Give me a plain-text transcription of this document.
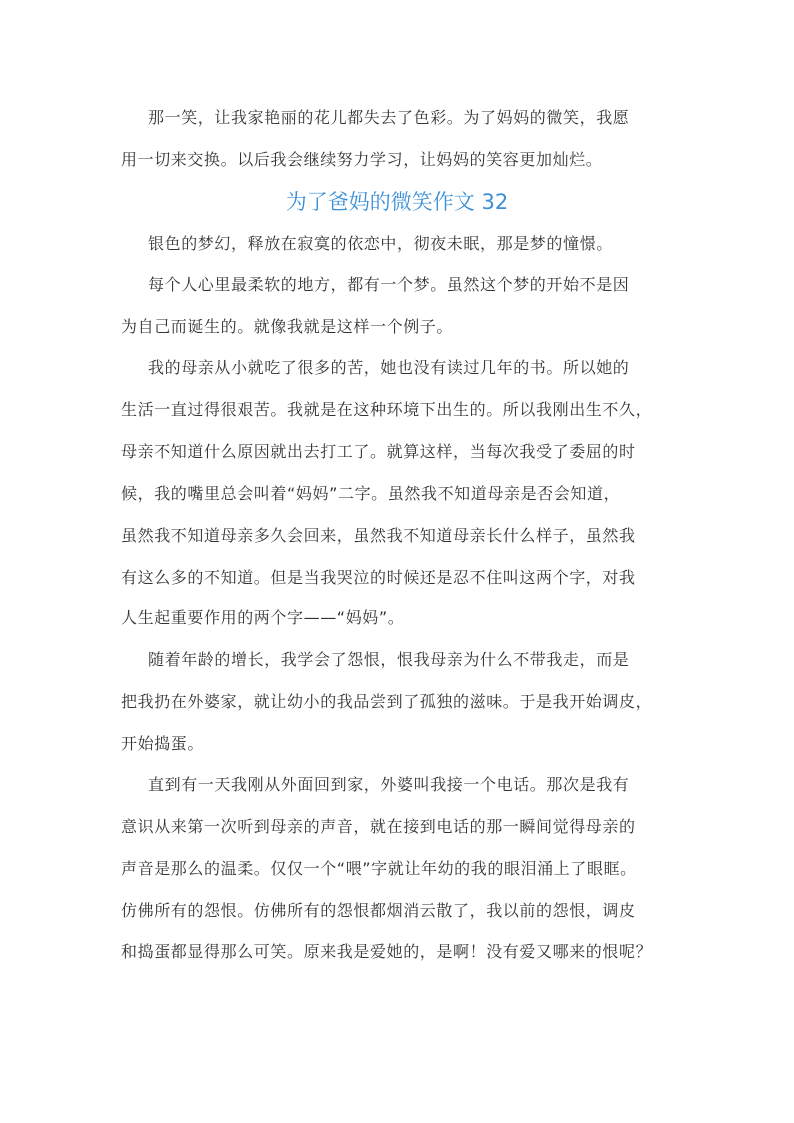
那一笑，让我家艳丽的花儿都失去了色彩。为了妈妈的微笑，我愿
用一切来交换。以后我会继续努力学习，让妈妈的笑容更加灿烂。
为了爸妈的微笑作文 32
银色的梦幻，释放在寂寞的依恋中，彻夜未眠，那是梦的憧憬。
每个人心里最柔软的地方，都有一个梦。虽然这个梦的开始不是因
为自己而诞生的。就像我就是这样一个例子。
我的母亲从小就吃了很多的苦，她也没有读过几年的书。所以她的
生活一直过得很艰苦。我就是在这种环境下出生的。所以我刚出生不久，
母亲不知道什么原因就出去打工了。就算这样，当每次我受了委屈的时
候，我的嘴里总会叫着“妈妈”二字。虽然我不知道母亲是否会知道，
虽然我不知道母亲多久会回来，虽然我不知道母亲长什么样子，虽然我
有这么多的不知道。但是当我哭泣的时候还是忍不住叫这两个字，对我
人生起重要作用的两个字——“妈妈”。
随着年龄的增长，我学会了怨恨，恨我母亲为什么不带我走，而是
把我扔在外婆家，就让幼小的我品尝到了孤独的滋味。于是我开始调皮，
开始捣蛋。
直到有一天我刚从外面回到家，外婆叫我接一个电话。那次是我有
意识从来第一次听到母亲的声音，就在接到电话的那一瞬间觉得母亲的
声音是那么的温柔。仅仅一个“喂”字就让年幼的我的眼泪涌上了眼眶。
仿佛所有的怨恨。仿佛所有的怨恨都烟消云散了，我以前的怨恨，调皮
和捣蛋都显得那么可笑。原来我是爱她的，是啊！没有爱又哪来的恨呢？
